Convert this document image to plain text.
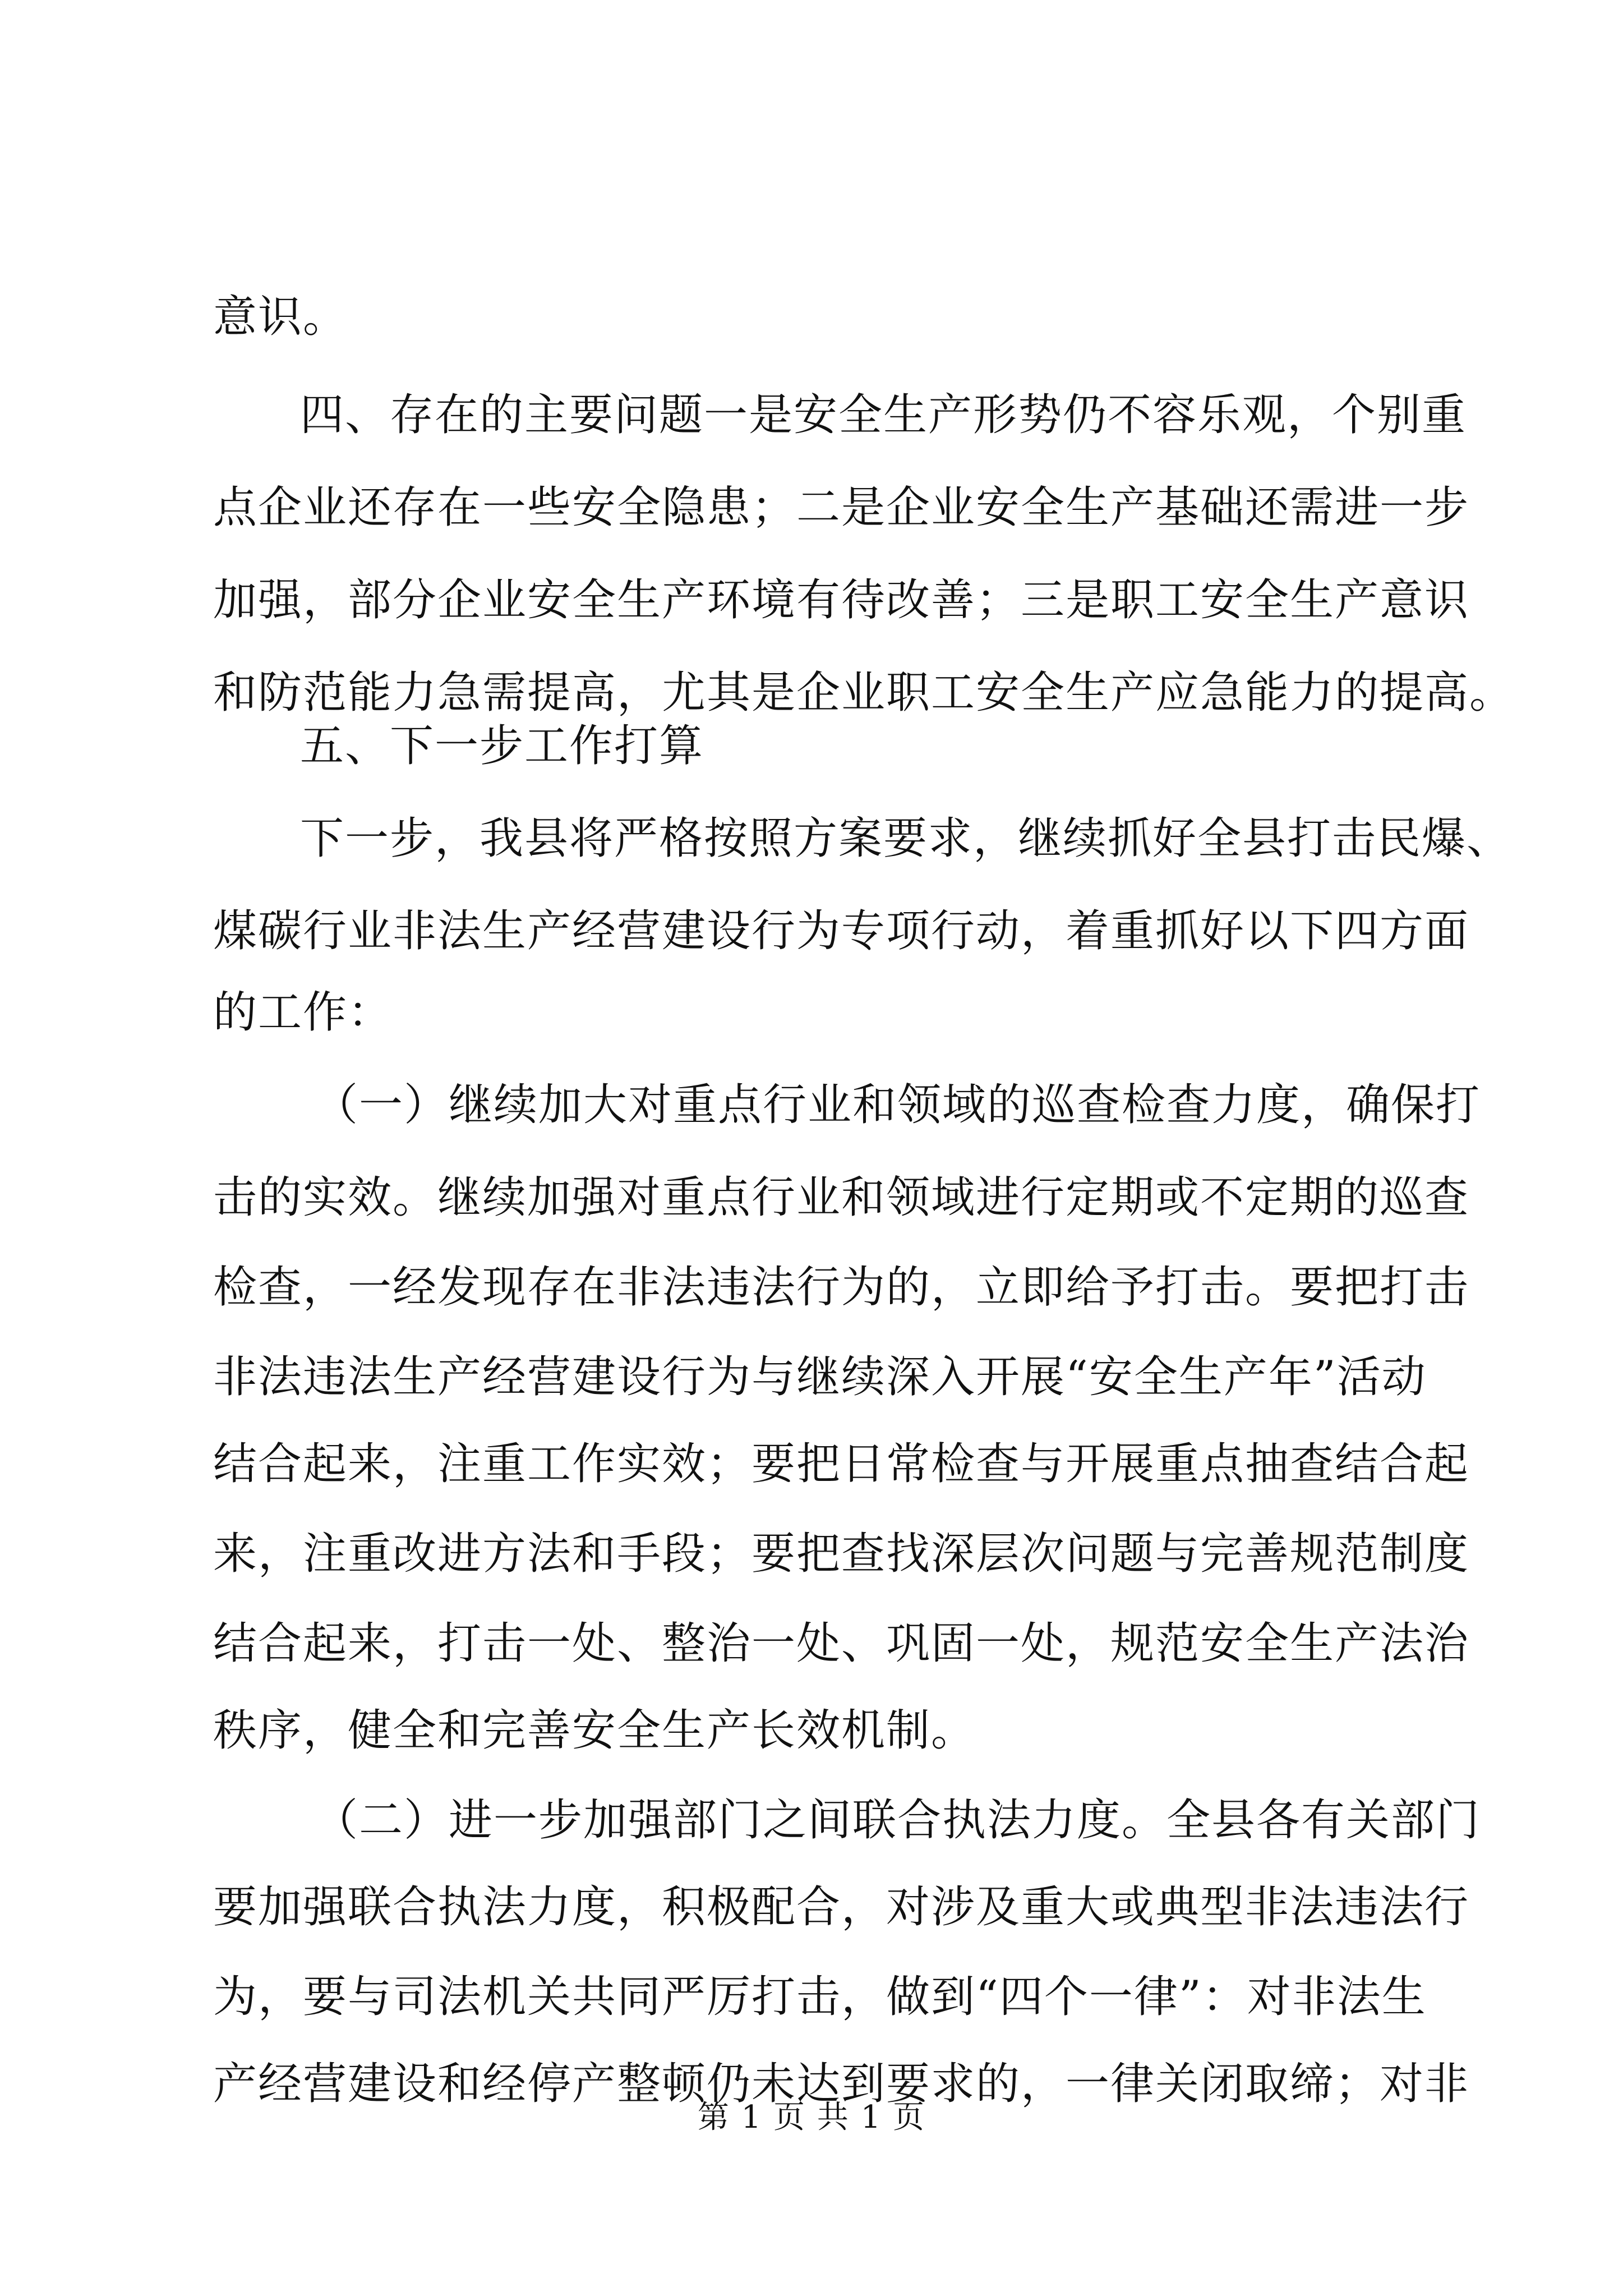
意识。
四、存在的主要问题一是安全生产形势仍不容乐观，个别重
点企业还存在一些安全隐患；二是企业安全生产基础还需进一步
加强，部分企业安全生产环境有待改善；三是职工安全生产意识
和防范能力急需提高，尤其是企业职工安全生产应急能力的提高。
五、下一步工作打算
下一步，我县将严格按照方案要求，继续抓好全县打击民爆、
煤碳行业非法生产经营建设行为专项行动，着重抓好以下四方面
的工作：
（一）继续加大对重点行业和领域的巡查检查力度，确保打
击的实效。继续加强对重点行业和领域进行定期或不定期的巡查
检查，一经发现存在非法违法行为的，立即给予打击。要把打击
非法违法生产经营建设行为与继续深入开展“安全生产年”活动
结合起来，注重工作实效；要把日常检查与开展重点抽查结合起
来，注重改进方法和手段；要把查找深层次问题与完善规范制度
结合起来，打击一处、整治一处、巩固一处，规范安全生产法治
秩序，健全和完善安全生产长效机制。
（二）进一步加强部门之间联合执法力度。全县各有关部门
要加强联合执法力度，积极配合，对涉及重大或典型非法违法行
为，要与司法机关共同严厉打击，做到“四个一律”：对非法生
产经营建设和经停产整顿仍未达到要求的，一律关闭取缔；对非
第 1 页 共 1 页
